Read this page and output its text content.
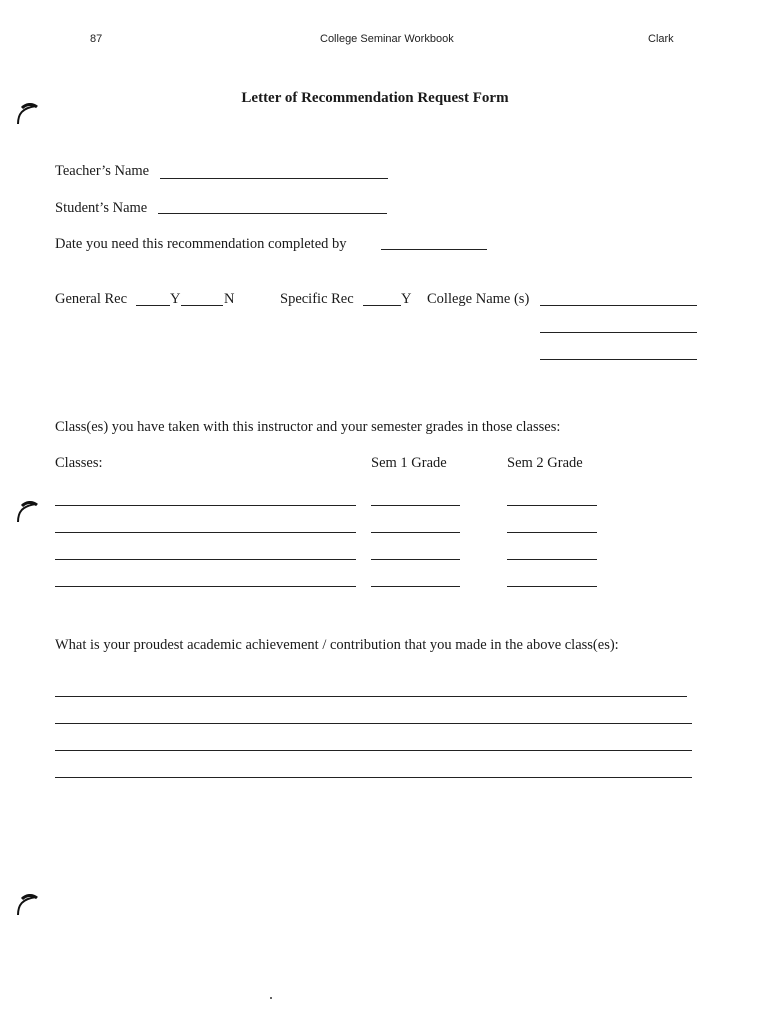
87	College Seminar Workbook	Clark
Letter of Recommendation Request Form
Teacher’s Name
Student’s Name
Date you need this recommendation completed by
General Rec	Y	N	Specific Rec	Y College Name (s)
Class(es) you have taken with this instructor and your semester grades in those classes:
Classes:	Sem 1 Grade	Sem 2 Grade
What is your proudest academic achievement / contribution that you made in the above class(es):
